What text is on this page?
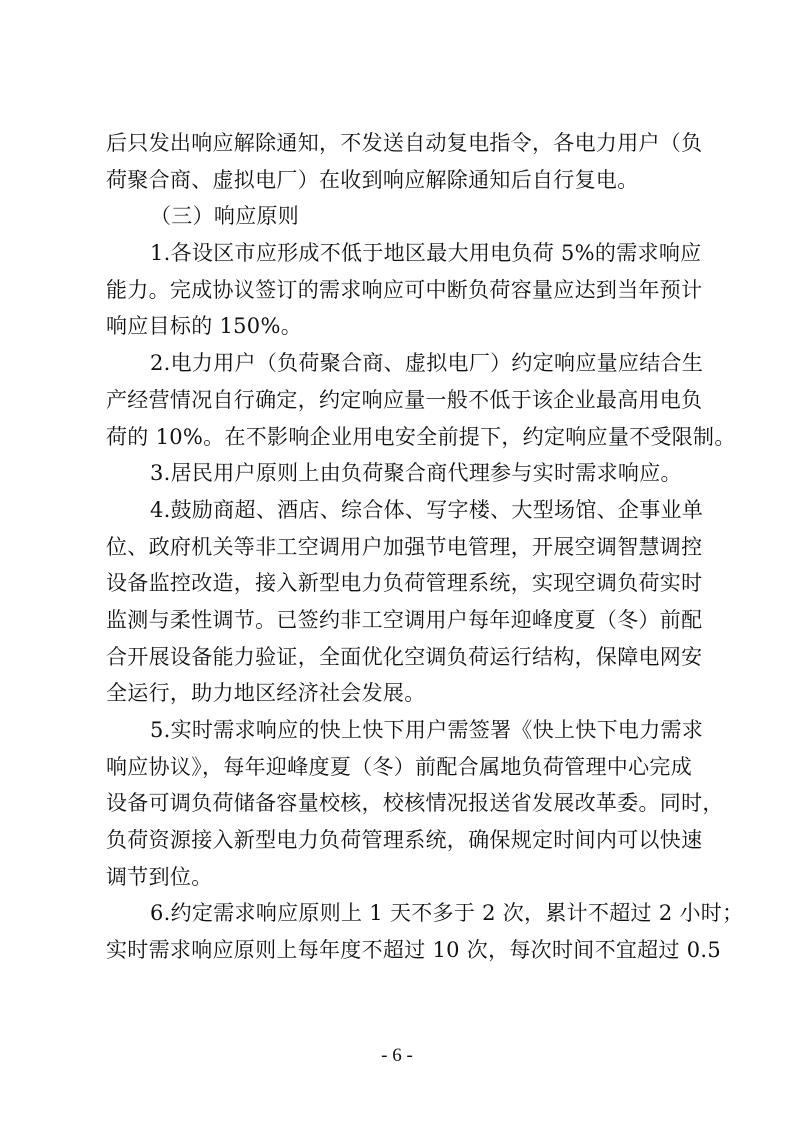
后只发出响应解除通知，不发送自动复电指令，各电力用户（负
荷聚合商、虚拟电厂）在收到响应解除通知后自行复电。
（三）响应原则
1.各设区市应形成不低于地区最大用电负荷 5%的需求响应
能力。完成协议签订的需求响应可中断负荷容量应达到当年预计
响应目标的 150%。
2.电力用户（负荷聚合商、虚拟电厂）约定响应量应结合生
产经营情况自行确定，约定响应量一般不低于该企业最高用电负
荷的 10%。在不影响企业用电安全前提下，约定响应量不受限制。
3.居民用户原则上由负荷聚合商代理参与实时需求响应。
4.鼓励商超、酒店、综合体、写字楼、大型场馆、企事业单
位、政府机关等非工空调用户加强节电管理，开展空调智慧调控
设备监控改造，接入新型电力负荷管理系统，实现空调负荷实时
监测与柔性调节。已签约非工空调用户每年迎峰度夏（冬）前配
合开展设备能力验证，全面优化空调负荷运行结构，保障电网安
全运行，助力地区经济社会发展。
5.实时需求响应的快上快下用户需签署《快上快下电力需求
响应协议》，每年迎峰度夏（冬）前配合属地负荷管理中心完成
设备可调负荷储备容量校核，校核情况报送省发展改革委。同时，
负荷资源接入新型电力负荷管理系统，确保规定时间内可以快速
调节到位。
6.约定需求响应原则上 1 天不多于 2 次，累计不超过 2 小时；
实时需求响应原则上每年度不超过 10 次，每次时间不宜超过 0.5
- 6 -
